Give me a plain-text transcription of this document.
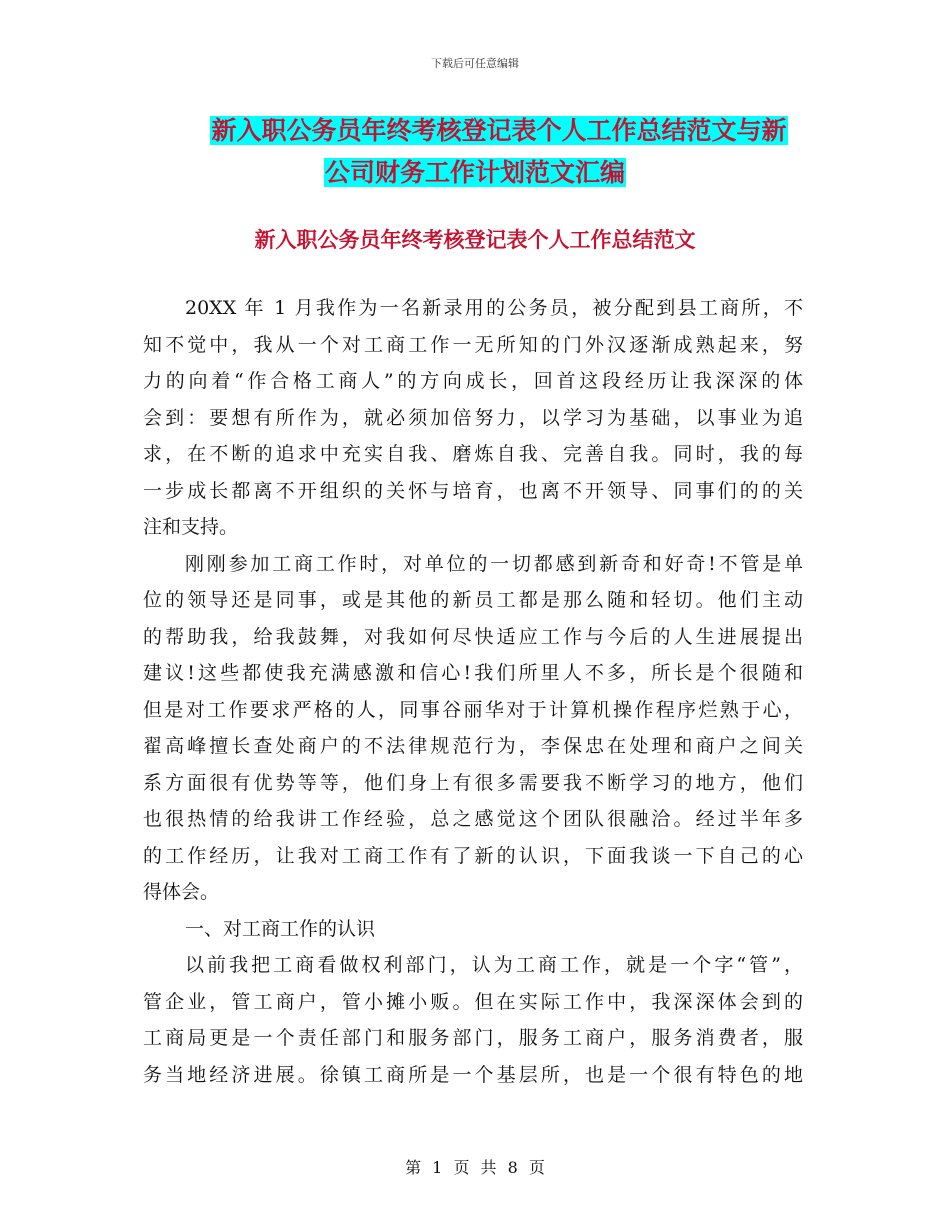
下载后可任意编辑
新入职公务员年终考核登记表个人工作总结范文与新
公司财务工作计划范文汇编
新入职公务员年终考核登记表个人工作总结范文
20XX 年 1 月我作为一名新录用的公务员，被分配到县工商所，不
知不觉中，我从一个对工商工作一无所知的门外汉逐渐成熟起来，努
力的向着“作合格工商人”的方向成长，回首这段经历让我深深的体
会到：要想有所作为，就必须加倍努力，以学习为基础，以事业为追
求，在不断的追求中充实自我、磨炼自我、完善自我。同时，我的每
一步成长都离不开组织的关怀与培育，也离不开领导、同事们的的关
注和支持。
刚刚参加工商工作时，对单位的一切都感到新奇和好奇!不管是单
位的领导还是同事，或是其他的新员工都是那么随和轻切。他们主动
的帮助我，给我鼓舞，对我如何尽快适应工作与今后的人生进展提出
建议!这些都使我充满感激和信心!我们所里人不多，所长是个很随和
但是对工作要求严格的人，同事谷丽华对于计算机操作程序烂熟于心，
翟高峰擅长查处商户的不法律规范行为，李保忠在处理和商户之间关
系方面很有优势等等，他们身上有很多需要我不断学习的地方，他们
也很热情的给我讲工作经验，总之感觉这个团队很融洽。经过半年多
的工作经历，让我对工商工作有了新的认识，下面我谈一下自己的心
得体会。
一、对工商工作的认识
以前我把工商看做权利部门，认为工商工作，就是一个字“管”，
管企业，管工商户，管小摊小贩。但在实际工作中，我深深体会到的
工商局更是一个责任部门和服务部门，服务工商户，服务消费者，服
务当地经济进展。徐镇工商所是一个基层所，也是一个很有特色的地
第 1 页 共 8 页
